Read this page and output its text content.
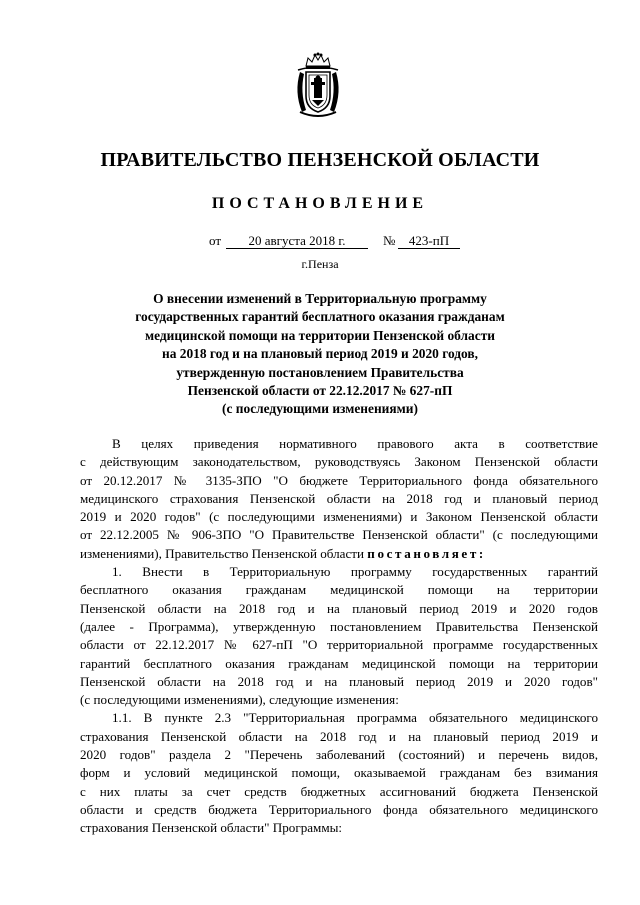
ПРАВИТЕЛЬСТВО ПЕНЗЕНСКОЙ ОБЛАСТИ
ПОСТАНОВЛЕНИЕ
от	20 августа 2018 г.	№	423-пП
г.Пенза
О внесении изменений в Территориальную программу
государственных гарантий бесплатного оказания гражданам
медицинской помощи на территории Пензенской области
на 2018 год и на плановый период 2019 и 2020 годов,
утвержденную постановлением Правительства
Пензенской области от 22.12.2017 № 627-пП
(с последующими изменениями)
В целях приведения нормативного правового акта в соответствие
с действующим законодательством, руководствуясь Законом Пензенской области
от 20.12.2017 № 3135-ЗПО "О бюджете Территориального фонда обязательного
медицинского страхования Пензенской области на 2018 год и плановый период
2019 и 2020 годов" (с последующими изменениями) и Законом Пензенской области
от 22.12.2005 № 906-ЗПО "О Правительстве Пензенской области" (с последующими
изменениями), Правительство Пензенской области постановляет:
1. Внести в Территориальную программу государственных гарантий
бесплатного оказания гражданам медицинской помощи на территории
Пензенской области на 2018 год и на плановый период 2019 и 2020 годов
(далее - Программа), утвержденную постановлением Правительства Пензенской
области от 22.12.2017 № 627-пП "О территориальной программе государственных
гарантий бесплатного оказания гражданам медицинской помощи на территории
Пензенской области на 2018 год и на плановый период 2019 и 2020 годов"
(с последующими изменениями), следующие изменения:
1.1. В пункте 2.3 "Территориальная программа обязательного медицинского
страхования Пензенской области на 2018 год и на плановый период 2019 и
2020 годов" раздела 2 "Перечень заболеваний (состояний) и перечень видов,
форм и условий медицинской помощи, оказываемой гражданам без взимания
с них платы за счет средств бюджетных ассигнований бюджета Пензенской
области и средств бюджета Территориального фонда обязательного медицинского
страхования Пензенской области" Программы:
